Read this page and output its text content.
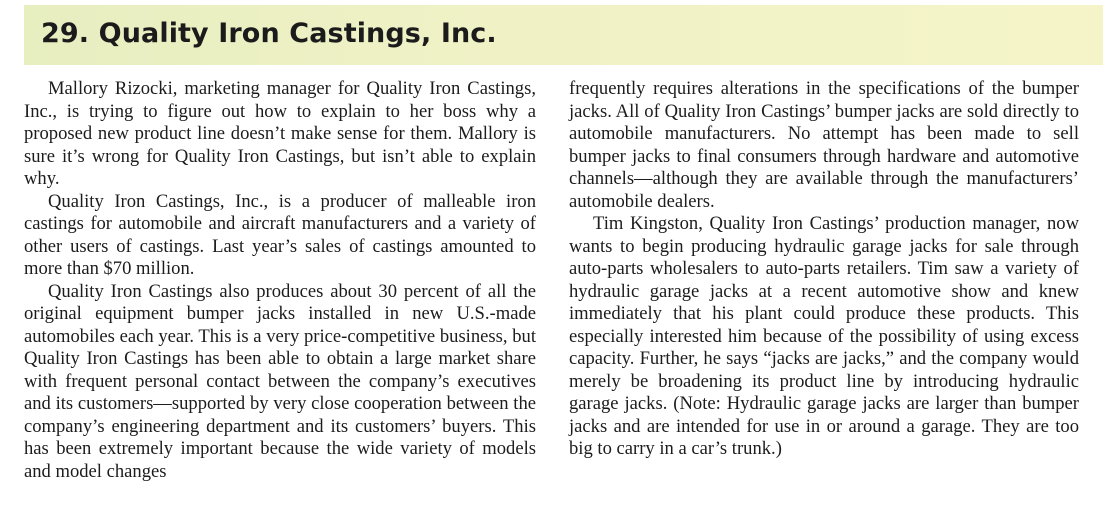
29. Quality Iron Castings, Inc.

Mallory Rizocki, marketing manager for Quality Iron Castings, Inc., is trying to figure out how to explain to her boss why a proposed new product line doesn’t make sense for them. Mallory is sure it’s wrong for Quality Iron Castings, but isn’t able to explain why.

Quality Iron Castings, Inc., is a producer of malleable iron castings for automobile and aircraft manufacturers and a variety of other users of castings. Last year’s sales of castings amounted to more than $70 million.

Quality Iron Castings also produces about 30 percent of all the original equipment bumper jacks installed in new U.S.-made automobiles each year. This is a very price-competitive business, but Quality Iron Castings has been able to obtain a large market share with frequent personal contact between the company’s executives and its customers—supported by very close cooperation between the company’s engineering department and its customers’ buyers. This has been extremely important because the wide variety of models and model changes

frequently requires alterations in the specifications of the bumper jacks. All of Quality Iron Castings’ bumper jacks are sold directly to automobile manufacturers. No attempt has been made to sell bumper jacks to final consumers through hardware and automotive channels—although they are available through the manufacturers’ automobile dealers.

Tim Kingston, Quality Iron Castings’ production manager, now wants to begin producing hydraulic garage jacks for sale through auto-parts wholesalers to auto-parts retailers. Tim saw a variety of hydraulic garage jacks at a recent automotive show and knew immediately that his plant could produce these products. This especially interested him because of the possibility of using excess capacity. Further, he says “jacks are jacks,” and the company would merely be broadening its product line by introducing hydraulic garage jacks. (Note: Hydraulic garage jacks are larger than bumper jacks and are intended for use in or around a garage. They are too big to carry in a car’s trunk.)
